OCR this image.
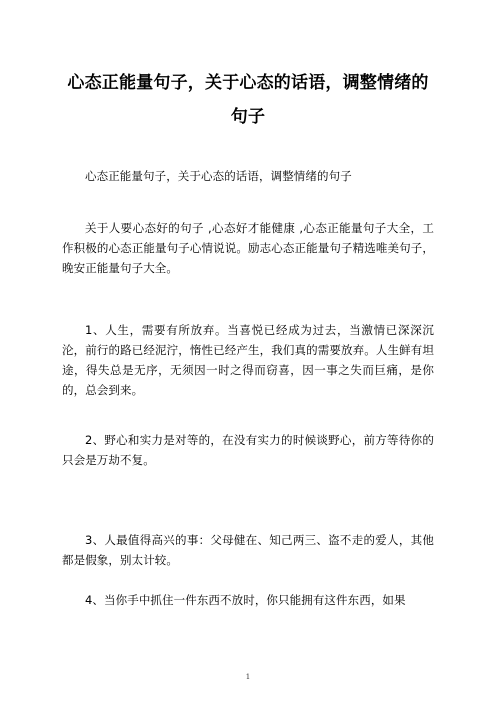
心态正能量句子，关于心态的话语，调整情绪的句子

心态正能量句子，关于心态的话语，调整情绪的句子

关于人要心态好的句子 ,心态好才能健康 ,心态正能量句子大全，工作积极的心态正能量句子心情说说。励志心态正能量句子精选唯美句子，晚安正能量句子大全。

1、人生，需要有所放弃。当喜悦已经成为过去，当激情已深深沉沦，前行的路已经泥泞，惰性已经产生，我们真的需要放弃。人生鲜有坦途，得失总是无序，无须因一时之得而窃喜，因一事之失而巨痛，是你的，总会到来。

2、野心和实力是对等的，在没有实力的时候谈野心，前方等待你的只会是万劫不复。

3、人最值得高兴的事：父母健在、知己两三、盗不走的爱人，其他都是假象，别太计较。

4、当你手中抓住一件东西不放时，你只能拥有这件东西，如果

1
